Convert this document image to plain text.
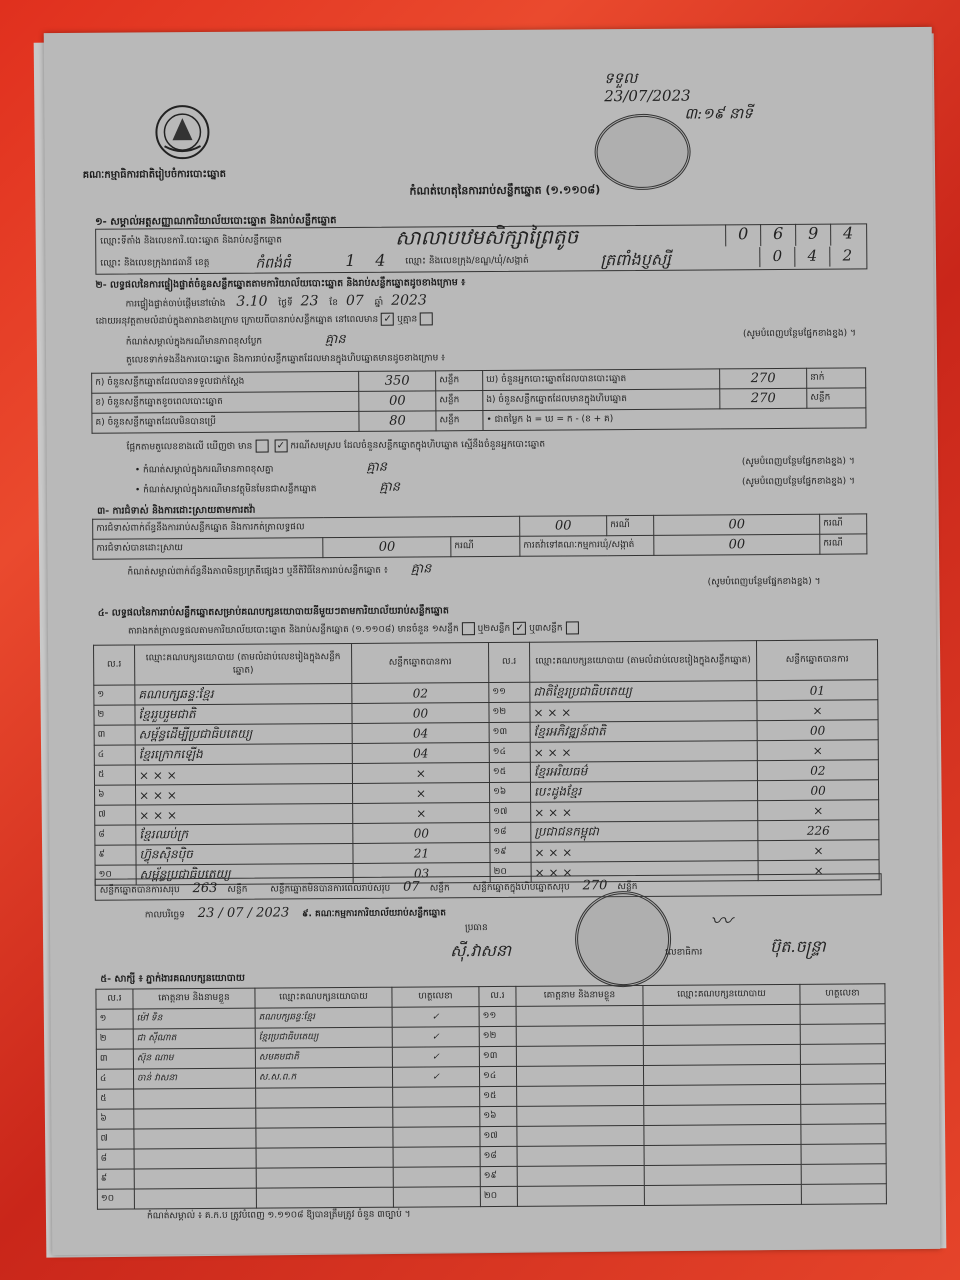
គណៈកម្មាធិការជាតិរៀបចំការបោះឆ្នោត
ទទួល
23/07/2023
៣:១៩ នាទី
កំណត់ហេតុនៃការរាប់សន្លឹកឆ្នោត (១.១១០៨)
១- សម្គាល់អត្តសញ្ញាណការិយាល័យបោះឆ្នោត និងរាប់សន្លឹកឆ្នោត
ឈ្មោះទីតាំង និងលេខការិ.បោះឆ្នោត និងរាប់សន្លឹកឆ្នោត	សាលាបឋមសិក្សាព្រៃតូច	0	6	9	4
0	4	2
ឈ្មោះ និងលេខក្រុងរាជធានី ខេត្ត	កំពង់ធំ	1 4 ឈ្មោះ និងលេខក្រុង/ខណ្ឌ/ឃុំ/សង្កាត់	ត្រពាំងប្ញស្សី
២- លទ្ធផលនៃការផ្ទៀងផ្ទាត់ចំនួនសន្លឹកឆ្នោតតាមការិយាល័យបោះឆ្នោត និងរាប់សន្លឹកឆ្នោតដូចខាងក្រោម ៖
ការផ្ទៀងផ្ទាត់ចាប់ផ្តើមនៅម៉ោង 3.10 ថ្ងៃទី 23 ខែ 07 ឆ្នាំ 2023
ដោយអនុវត្តតាមលំដាប់ក្នុងតារាងខាងក្រោម ក្រោយពីបានរាប់សន្លឹកឆ្នោត នៅពេលមាន ✓ ឬគ្មាន
កំណត់សម្គាល់ក្នុងករណីមានភាពខុសប្លែក	គ្មាន	(សូមបំពេញបន្ថែមផ្នែកខាងខ្នង) ។
តួលេខទាក់ទងនឹងការបោះឆ្នោត និងការរាប់សន្លឹកឆ្នោតដែលមានក្នុងហិបឆ្នោតមានដូចខាងក្រោម ៖
ក) ចំនួនសន្លឹកឆ្នោតដែលបានទទួលជាក់ស្តែង	350	សន្លឹក	ឃ) ចំនួនអ្នកបោះឆ្នោតដែលបានបោះឆ្នោត	270	នាក់
ខ) ចំនួនសន្លឹកឆ្នោតខូចពេលបោះឆ្នោត	00	សន្លឹក	ង) ចំនួនសន្លឹកឆ្នោតដែលមានក្នុងហិបឆ្នោត	270	សន្លឹក
គ) ចំនួនសន្លឹកឆ្នោតដែលមិនបានប្រើ	80	សន្លឹក	• ជាតម្លៃក ង = ឃ = ក - (ខ + គ)		
ផ្អែកតាមតួលេខខាងលើ ឃើញថា មាន ✓ ករណីសមស្រប ដែលចំនួនសន្លឹកឆ្នោតក្នុងហិបឆ្នោត ស្មើនឹងចំនួនអ្នកបោះឆ្នោត
• កំណត់សម្គាល់ក្នុងករណីមានភាពខុសគ្នា	គ្មាន	(សូមបំពេញបន្ថែមផ្នែកខាងខ្នង) ។
• កំណត់សម្គាល់ក្នុងករណីមានវត្ថុមិនមែនជាសន្លឹកឆ្នោត	គ្មាន	(សូមបំពេញបន្ថែមផ្នែកខាងខ្នង) ។
៣- ការជំទាស់ និងការដោះស្រាយតាមការតវ៉ា
ការជំទាស់ពាក់ព័ន្ធនឹងការរាប់សន្លឹកឆ្នោត និងការកត់ត្រាលទ្ធផល			00	ករណី	00	ករណី
ការជំទាស់បានដោះស្រាយ	00	ករណី	ការតវ៉ាទៅគណៈកម្មការឃុំ/សង្កាត់		00	ករណី
កំណត់សម្គាល់ពាក់ព័ន្ធនឹងភាពមិនប្រក្រតីផ្សេងៗ ឬនីតិវិធីនៃការរាប់សន្លឹកឆ្នោត ៖ គ្មាន
(សូមបំពេញបន្ថែមផ្នែកខាងខ្នង) ។
៤- លទ្ធផលនៃការរាប់សន្លឹកឆ្នោតសម្រាប់គណបក្សនយោបាយនីមួយៗតាមការិយាល័យរាប់សន្លឹកឆ្នោត
តារាងកត់ត្រាលទ្ធផលតាមការិយាល័យបោះឆ្នោត និងរាប់សន្លឹកឆ្នោត (១.១១០៨) មានចំនួន ១សន្លឹក ឬ២សន្លឹក ✓ ឬ៣សន្លឹក
ល.រ	ឈ្មោះគណបក្សនយោបាយ (តាមលំដាប់លេខរៀងក្នុងសន្លឹកឆ្នោត)	សន្លឹកឆ្នោតបានការ	ល.រ	ឈ្មោះគណបក្សនយោបាយ (តាមលំដាប់លេខរៀងក្នុងសន្លឹកឆ្នោត)	សន្លឹកឆ្នោតបានការ
១	គណបក្សឆន្ទៈខ្មែរ	02	១១	ជាតិខ្មែរប្រជាធិបតេយ្យ	01
២	ខ្មែររួបរួមជាតិ	00	១២	× × ×	×
៣	សម្ព័ន្ធដើម្បីប្រជាធិបតេយ្យ	04	១៣	ខ្មែរអភិវឌ្ឍន៍ជាតិ	00
៤	ខ្មែរក្រោកឡើង	04	១៤	× × ×	×
៥	× × ×	×	១៥	ខ្មែរអរិយធម៌	02
៦	× × ×	×	១៦	បេះដូងខ្មែរ	00
៧	× × ×	×	១៧	× × ×	×
៨	ខ្មែរឈប់ក្រ	00	១៨	ប្រជាជនកម្ពុជា	226
៩	ហ៊្វុនស៊ិនប៉ិច	21	១៩	× × ×	×
១០	សម្ព័ន្ធប្រជាធិបតេយ្យ	03	២០	× × ×	×
សន្លឹកឆ្នោតបានការសរុប 263 សន្លឹក	សន្លឹកឆ្នោតមិនបានការពេលរាប់សរុប 07 សន្លឹក	សន្លឹកឆ្នោតក្នុងហិបឆ្នោតសរុប 270 សន្លឹក
កាលបរិច្ឆេទ 23 / 07 / 2023 ៩. គណៈកម្មការការិយាល័យរាប់សន្លឹកឆ្នោត
ប្រធាន
ស៊ី.វាសនា	លេខាធិការ
〰
ប៊ុត.ចន្ទ្រា
៥- សាក្សី ៖ ភ្នាក់ងារគណបក្សនយោបាយ
ល.រ	គោត្តនាម និងនាមខ្លួន	ឈ្មោះគណបក្សនយោបាយ	ហត្ថលេខា	ល.រ	គោត្តនាម និងនាមខ្លួន	ឈ្មោះគណបក្សនយោបាយ	ហត្ថលេខា
១	ម៉ៅ ទិន	គណបក្សឆន្ទៈខ្មែរ	✓	១១			
២	ជា ស៊ីណាត	ខ្មែរប្រជាធិបតេយ្យ	✓	១២			
៣	ស៊ុន ណាម	សមគមជាតិ	✓	១៣			
៤	ចាន់ វាសនា	ស.ស.ព.ក	✓	១៤			
៥				១៥			
៦				១៦			
៧				១៧			
៨				១៨			
៩				១៩			
១០				២០			
កំណត់សម្គាល់ ៖ គ.ក.ប ត្រូវបំពេញ ១.១១០៨ ឱ្យបានត្រឹមត្រូវ ចំនួន ៣ច្បាប់ ។
